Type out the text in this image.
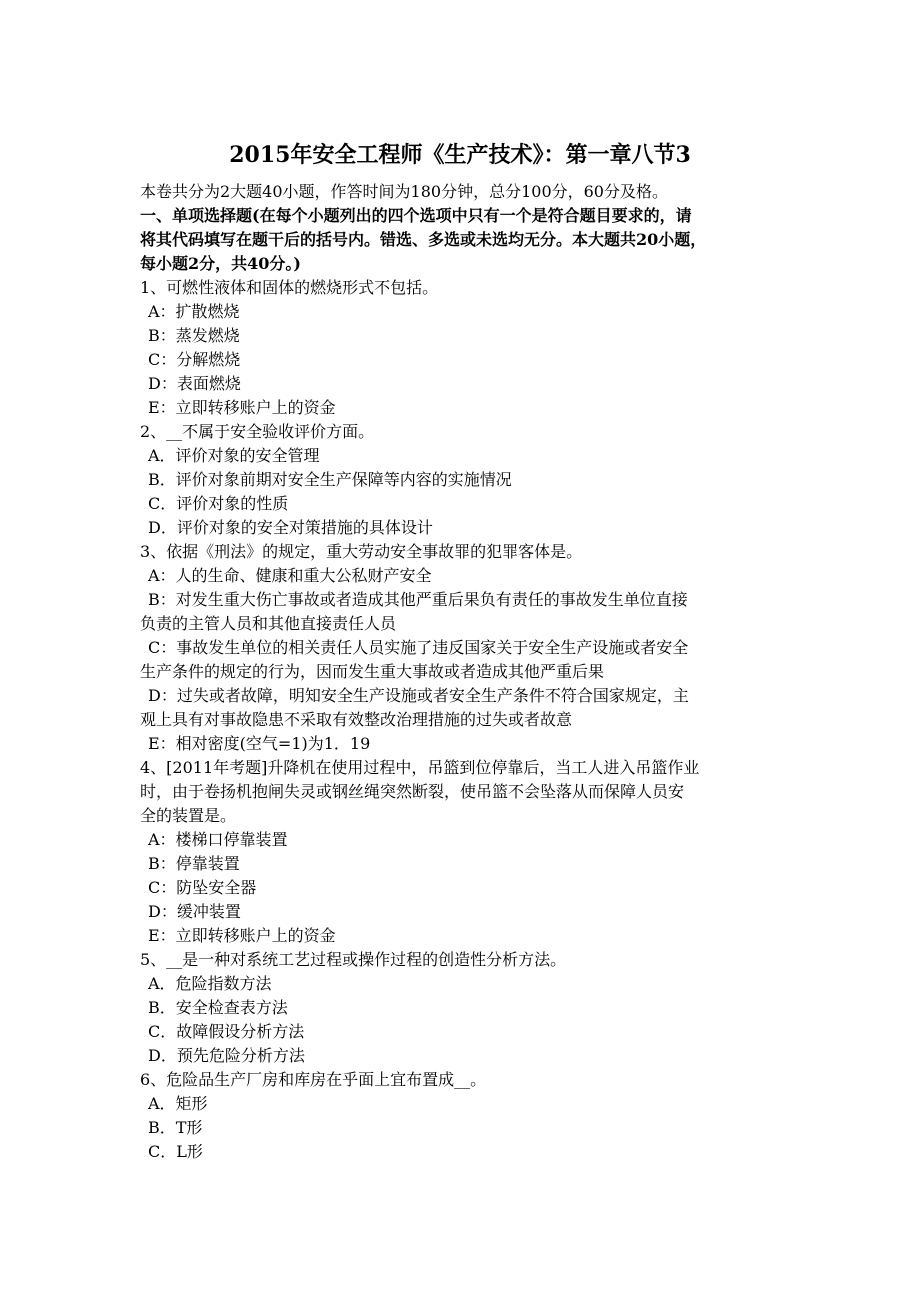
2015年安全工程师《生产技术》：第一章八节3
本卷共分为2大题40小题，作答时间为180分钟，总分100分，60分及格。
一、单项选择题(在每个小题列出的四个选项中只有一个是符合题目要求的，请
将其代码填写在题干后的括号内。错选、多选或未选均无分。本大题共20小题，
每小题2分，共40分。)
1、可燃性液体和固体的燃烧形式不包括。
A：扩散燃烧
B：蒸发燃烧
C：分解燃烧
D：表面燃烧
E：立即转移账户上的资金
2、__不属于安全验收评价方面。
A．评价对象的安全管理
B．评价对象前期对安全生产保障等内容的实施情况
C．评价对象的性质
D．评价对象的安全对策措施的具体设计
3、依据《刑法》的规定，重大劳动安全事故罪的犯罪客体是。
A：人的生命、健康和重大公私财产安全
B：对发生重大伤亡事故或者造成其他严重后果负有责任的事故发生单位直接
负责的主管人员和其他直接责任人员
C：事故发生单位的相关责任人员实施了违反国家关于安全生产设施或者安全
生产条件的规定的行为，因而发生重大事故或者造成其他严重后果
D：过失或者故障，明知安全生产设施或者安全生产条件不符合国家规定，主
观上具有对事故隐患不采取有效整改治理措施的过失或者故意
E：相对密度(空气=1)为1．19
4、[2011年考题]升降机在使用过程中，吊篮到位停靠后，当工人进入吊篮作业
时，由于卷扬机抱闸失灵或钢丝绳突然断裂，使吊篮不会坠落从而保障人员安
全的装置是。
A：楼梯口停靠装置
B：停靠装置
C：防坠安全器
D：缓冲装置
E：立即转移账户上的资金
5、__是一种对系统工艺过程或操作过程的创造性分析方法。
A．危险指数方法
B．安全检查表方法
C．故障假设分析方法
D．预先危险分析方法
6、危险品生产厂房和库房在乎面上宜布置成__。
A．矩形
B．T形
C．L形
